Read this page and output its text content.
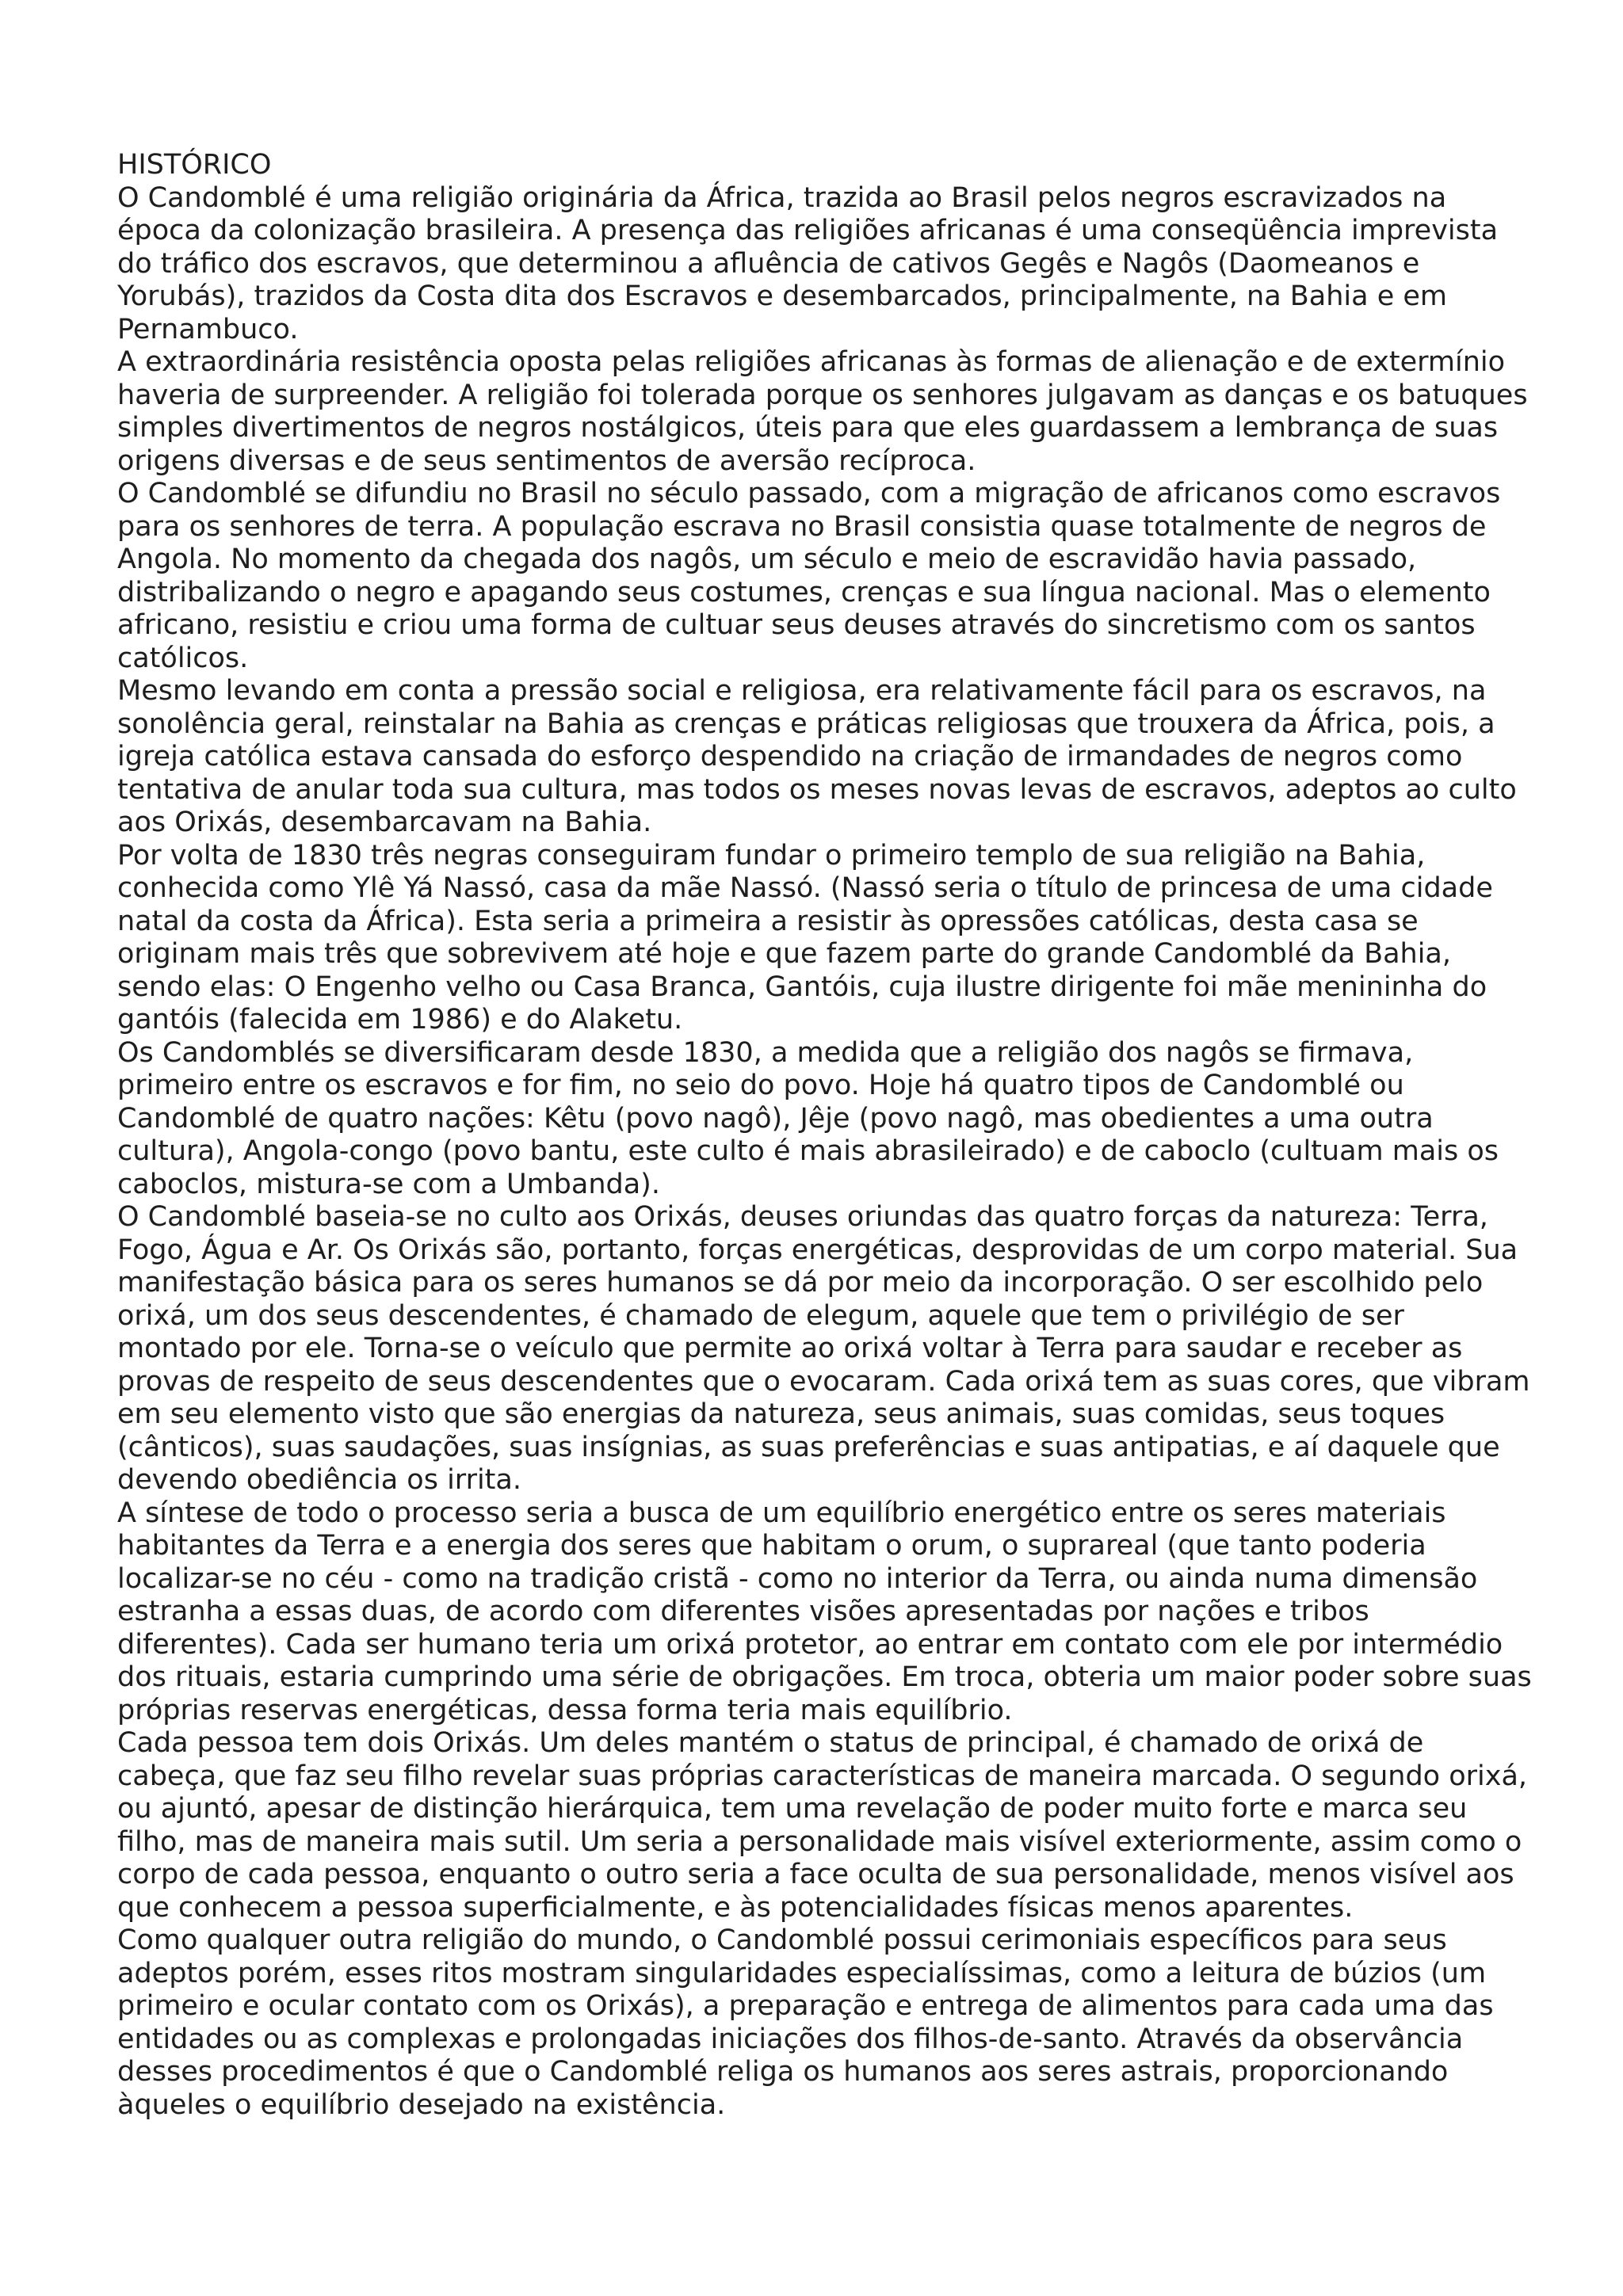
HISTÓRICO

O Candomblé é uma religião originária da África, trazida ao Brasil pelos negros escravizados na época da colonização brasileira. A presença das religiões africanas é uma conseqüência imprevista do tráfico dos escravos, que determinou a afluência de cativos Gegês e Nagôs (Daomeanos e Yorubás), trazidos da Costa dita dos Escravos e desembarcados, principalmente, na Bahia e em Pernambuco.

A extraordinária resistência oposta pelas religiões africanas às formas de alienação e de extermínio haveria de surpreender. A religião foi tolerada porque os senhores julgavam as danças e os batuques simples divertimentos de negros nostálgicos, úteis para que eles guardassem a lembrança de suas origens diversas e de seus sentimentos de aversão recíproca.

O Candomblé se difundiu no Brasil no século passado, com a migração de africanos como escravos para os senhores de terra. A população escrava no Brasil consistia quase totalmente de negros de Angola. No momento da chegada dos nagôs, um século e meio de escravidão havia passado, distribalizando o negro e apagando seus costumes, crenças e sua língua nacional. Mas o elemento africano, resistiu e criou uma forma de cultuar seus deuses através do sincretismo com os santos católicos.

Mesmo levando em conta a pressão social e religiosa, era relativamente fácil para os escravos, na sonolência geral, reinstalar na Bahia as crenças e práticas religiosas que trouxera da África, pois, a igreja católica estava cansada do esforço despendido na criação de irmandades de negros como tentativa de anular toda sua cultura, mas todos os meses novas levas de escravos, adeptos ao culto aos Orixás, desembarcavam na Bahia.

Por volta de 1830 três negras conseguiram fundar o primeiro templo de sua religião na Bahia, conhecida como Ylê Yá Nassó, casa da mãe Nassó. (Nassó seria o título de princesa de uma cidade natal da costa da África). Esta seria a primeira a resistir às opressões católicas, desta casa se originam mais três que sobrevivem até hoje e que fazem parte do grande Candomblé da Bahia, sendo elas: O Engenho velho ou Casa Branca, Gantóis, cuja ilustre dirigente foi mãe menininha do gantóis (falecida em 1986) e do Alaketu.

Os Candomblés se diversificaram desde 1830, a medida que a religião dos nagôs se firmava, primeiro entre os escravos e for fim, no seio do povo. Hoje há quatro tipos de Candomblé ou Candomblé de quatro nações: Kêtu (povo nagô), Jêje (povo nagô, mas obedientes a uma outra cultura), Angola-congo (povo bantu, este culto é mais abrasileirado) e de caboclo (cultuam mais os caboclos, mistura-se com a Umbanda).

O Candomblé baseia-se no culto aos Orixás, deuses oriundas das quatro forças da natureza: Terra, Fogo, Água e Ar. Os Orixás são, portanto, forças energéticas, desprovidas de um corpo material. Sua manifestação básica para os seres humanos se dá por meio da incorporação. O ser escolhido pelo orixá, um dos seus descendentes, é chamado de elegum, aquele que tem o privilégio de ser montado por ele. Torna-se o veículo que permite ao orixá voltar à Terra para saudar e receber as provas de respeito de seus descendentes que o evocaram. Cada orixá tem as suas cores, que vibram em seu elemento visto que são energias da natureza, seus animais, suas comidas, seus toques (cânticos), suas saudações, suas insígnias, as suas preferências e suas antipatias, e aí daquele que devendo obediência os irrita.

A síntese de todo o processo seria a busca de um equilíbrio energético entre os seres materiais habitantes da Terra e a energia dos seres que habitam o orum, o suprareal (que tanto poderia localizar-se no céu - como na tradição cristã - como no interior da Terra, ou ainda numa dimensão estranha a essas duas, de acordo com diferentes visões apresentadas por nações e tribos diferentes). Cada ser humano teria um orixá protetor, ao entrar em contato com ele por intermédio dos rituais, estaria cumprindo uma série de obrigações. Em troca, obteria um maior poder sobre suas próprias reservas energéticas, dessa forma teria mais equilíbrio.

Cada pessoa tem dois Orixás. Um deles mantém o status de principal, é chamado de orixá de cabeça, que faz seu filho revelar suas próprias características de maneira marcada. O segundo orixá, ou ajuntó, apesar de distinção hierárquica, tem uma revelação de poder muito forte e marca seu filho, mas de maneira mais sutil. Um seria a personalidade mais visível exteriormente, assim como o corpo de cada pessoa, enquanto o outro seria a face oculta de sua personalidade, menos visível aos que conhecem a pessoa superficialmente, e às potencialidades físicas menos aparentes.

Como qualquer outra religião do mundo, o Candomblé possui cerimoniais específicos para seus adeptos porém, esses ritos mostram singularidades especialíssimas, como a leitura de búzios (um primeiro e ocular contato com os Orixás), a preparação e entrega de alimentos para cada uma das entidades ou as complexas e prolongadas iniciações dos filhos-de-santo. Através da observância desses procedimentos é que o Candomblé religa os humanos aos seres astrais, proporcionando àqueles o equilíbrio desejado na existência.
